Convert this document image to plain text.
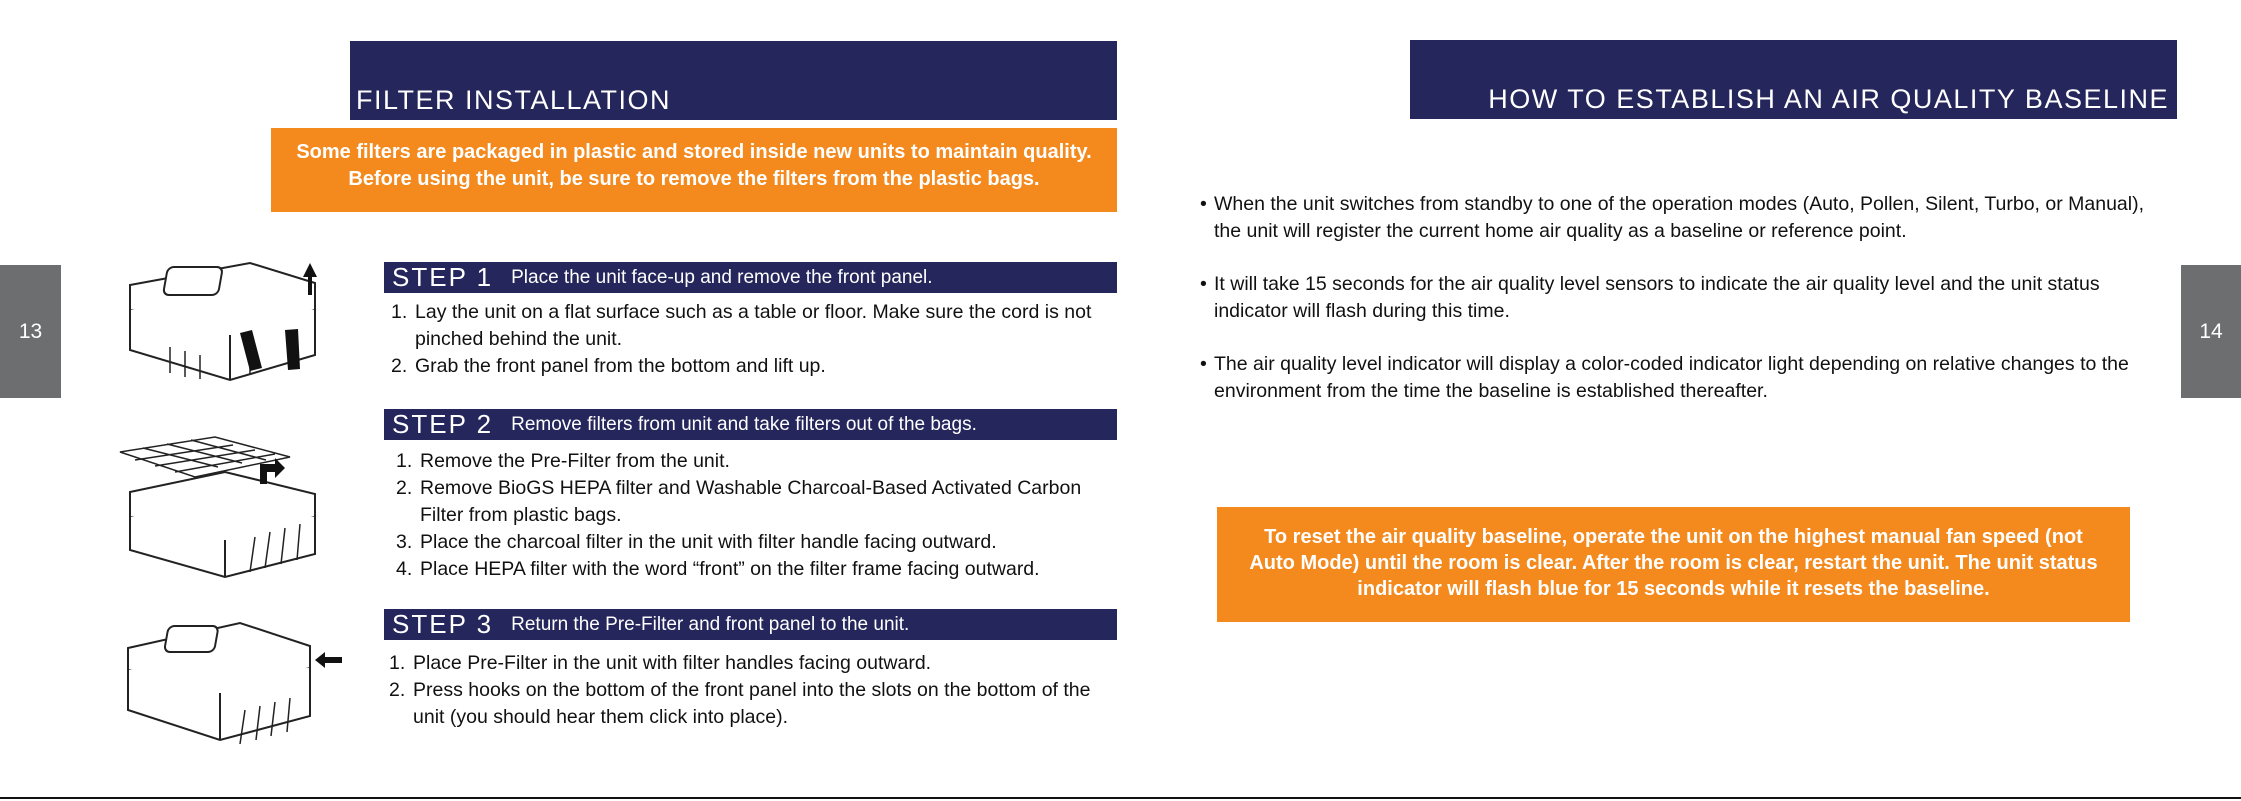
13	14
FILTER INSTALLATION
Some filters are packaged in plastic and stored inside new units to maintain quality. Before using the unit, be sure to remove the filters from the plastic bags.
STEP 1 Place the unit face-up and remove the front panel.
1. Lay the unit on a flat surface such as a table or floor. Make sure the cord is not pinched behind the unit.
2. Grab the front panel from the bottom and lift up.
STEP 2 Remove filters from unit and take filters out of the bags.
1. Remove the Pre-Filter from the unit.
2. Remove BioGS HEPA filter and Washable Charcoal-Based Activated Carbon Filter from plastic bags.
3. Place the charcoal filter in the unit with filter handle facing outward.
4. Place HEPA filter with the word “front” on the filter frame facing outward.
STEP 3 Return the Pre-Filter and front panel to the unit.
1. Place Pre-Filter in the unit with filter handles facing outward.
2. Press hooks on the bottom of the front panel into the slots on the bottom of the unit (you should hear them click into place).
HOW TO ESTABLISH AN AIR QUALITY BASELINE
• When the unit switches from standby to one of the operation modes (Auto, Pollen, Silent, Turbo, or Manual), the unit will register the current home air quality as a baseline or reference point.
• It will take 15 seconds for the air quality level sensors to indicate the air quality level and the unit status indicator will flash during this time.
• The air quality level indicator will display a color-coded indicator light depending on relative changes to the environment from the time the baseline is established thereafter.
To reset the air quality baseline, operate the unit on the highest manual fan speed (not Auto Mode) until the room is clear. After the room is clear, restart the unit. The unit status indicator will flash blue for 15 seconds while it resets the baseline.
